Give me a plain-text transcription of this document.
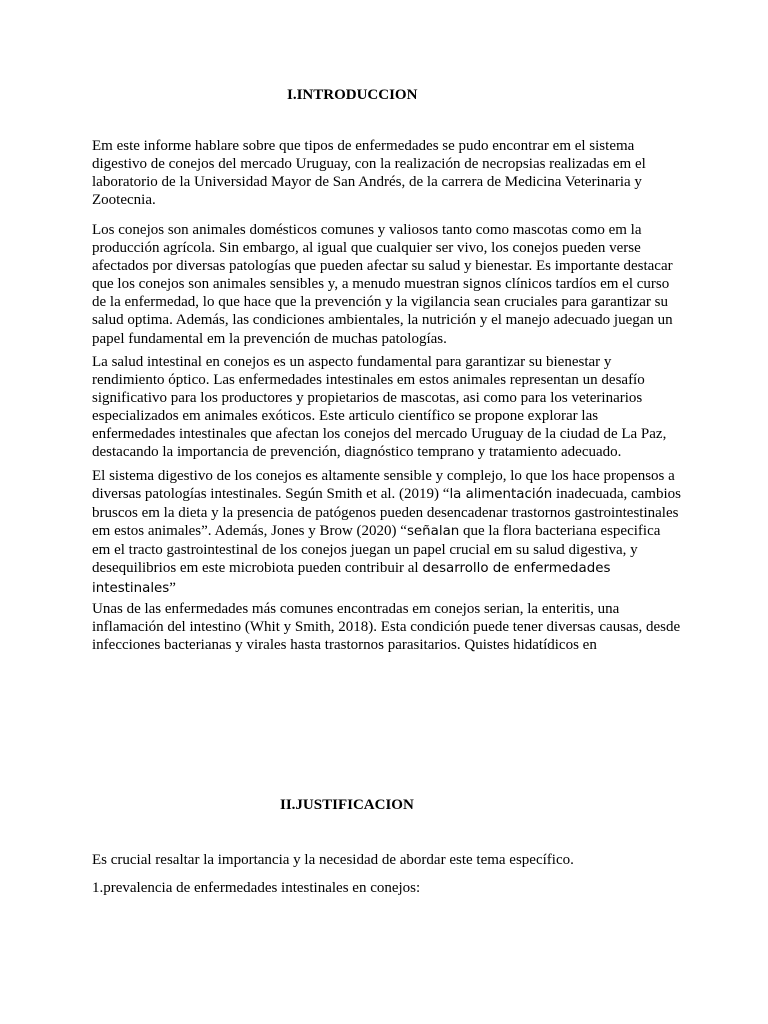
I.INTRODUCCION

Em este informe hablare sobre que tipos de enfermedades se pudo encontrar em el sistema digestivo de conejos del mercado Uruguay, con la realización de necropsias realizadas em el laboratorio de la Universidad Mayor de San Andrés, de la carrera de Medicina Veterinaria y Zootecnia.

Los conejos son animales domésticos comunes y valiosos tanto como mascotas como em la producción agrícola. Sin embargo, al igual que cualquier ser vivo, los conejos pueden verse afectados por diversas patologías que pueden afectar su salud y bienestar. Es importante destacar que los conejos son animales sensibles y, a menudo muestran signos clínicos tardíos em el curso de la enfermedad, lo que hace que la prevención y la vigilancia sean cruciales para garantizar su salud optima. Además, las condiciones ambientales, la nutrición y el manejo adecuado juegan un papel fundamental em la prevención de muchas patologías.

La salud intestinal en conejos es un aspecto fundamental para garantizar su bienestar y rendimiento óptico. Las enfermedades intestinales em estos animales representan un desafío significativo para los productores y propietarios de mascotas, asi como para los veterinarios especializados em animales exóticos. Este articulo científico se propone explorar las enfermedades intestinales que afectan los conejos del mercado Uruguay de la ciudad de La Paz, destacando la importancia de prevención, diagnóstico temprano y tratamiento adecuado.

El sistema digestivo de los conejos es altamente sensible y complejo, lo que los hace propensos a diversas patologías intestinales. Según Smith et al. (2019) “la alimentación inadecuada, cambios bruscos em la dieta y la presencia de patógenos pueden desencadenar trastornos gastrointestinales em estos animales”. Además, Jones y Brow (2020) “señalan que la flora bacteriana especifica em el tracto gastrointestinal de los conejos juegan un papel crucial em su salud digestiva, y desequilibrios em este microbiota pueden contribuir al desarrollo de enfermedades intestinales”

Unas de las enfermedades más comunes encontradas em conejos serian, la enteritis, una inflamación del intestino (Whit y Smith, 2018). Esta condición puede tener diversas causas, desde infecciones bacterianas y virales hasta trastornos parasitarios. Quistes hidatídicos en

II.JUSTIFICACION

Es crucial resaltar la importancia y la necesidad de abordar este tema específico.

1.prevalencia de enfermedades intestinales en conejos:
